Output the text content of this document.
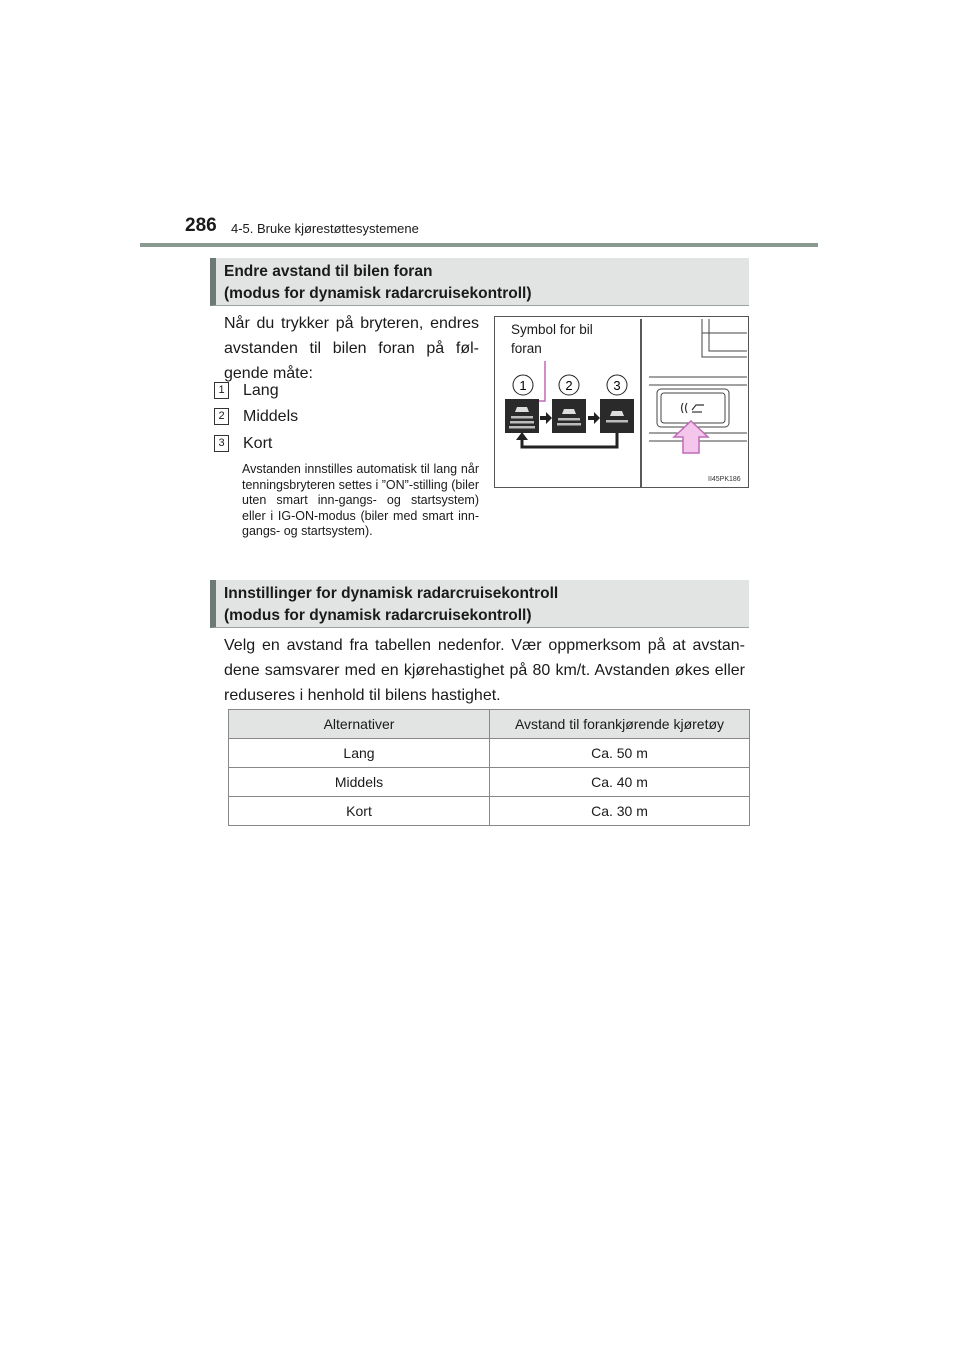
286 4-5. Bruke kjørestøttesystemene
Endre avstand til bilen foran
(modus for dynamisk radarcruisekontroll)
Når du trykker på bryteren, endres avstanden til bilen foran på føl-gende måte:
1 Lang
2 Middels
3 Kort
Avstanden innstilles automatisk til lang når tenningsbryteren settes i ”ON”-stilling (biler uten smart inn-gangs- og startsystem) eller i IG-ON-modus (biler med smart inn-gangs- og startsystem).
Symbol for bil
foran
1	2	3
II45PK186
Innstillinger for dynamisk radarcruisekontroll
(modus for dynamisk radarcruisekontroll)
Velg en avstand fra tabellen nedenfor. Vær oppmerksom på at avstan-dene samsvarer med en kjørehastighet på 80 km/t. Avstanden økes eller reduseres i henhold til bilens hastighet.
Alternativer	Avstand til forankjørende kjøretøy
Lang	Ca. 50 m
Middels	Ca. 40 m
Kort	Ca. 30 m
